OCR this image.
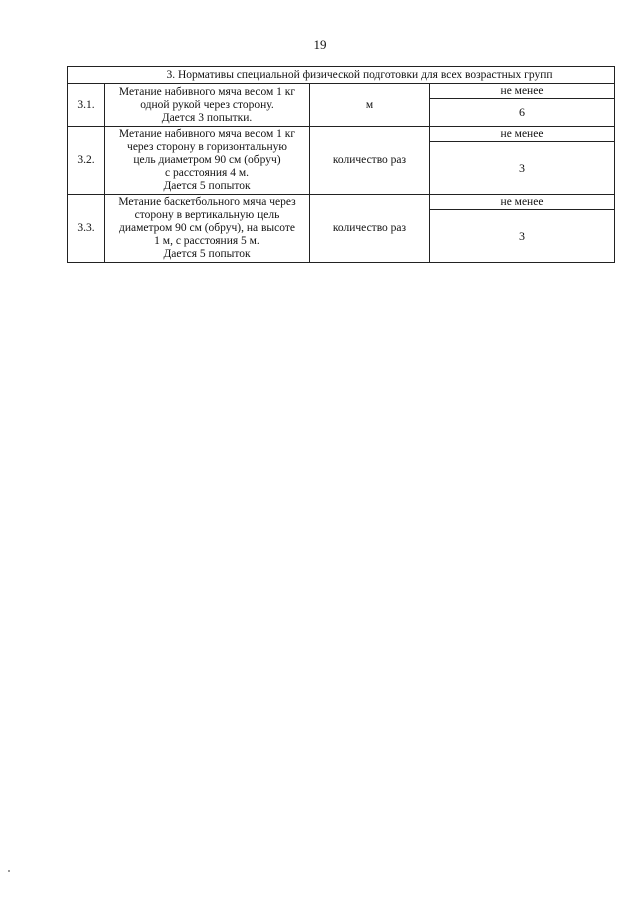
19
3. Нормативы специальной физической подготовки для всех возрастных групп			
3.1.	Метание набивного мяча весом 1 кг
одной рукой через сторону.
Дается 3 попытки.	м	не менее
			6
3.2.	Метание набивного мяча весом 1 кг
через сторону в горизонтальную
цель диаметром 90 см (обруч)
с расстояния 4 м.
Дается 5 попыток	количество раз	не менее
			3
3.3.	Метание баскетбольного мяча через
сторону в вертикальную цель
диаметром 90 см (обруч), на высоте
1 м, с расстояния 5 м.
Дается 5 попыток	количество раз	не менее
			3
